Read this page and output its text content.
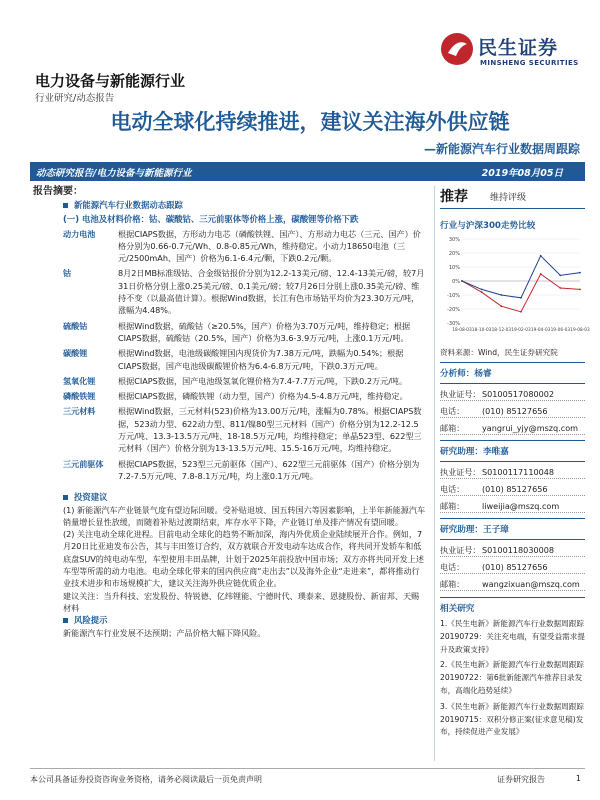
电力设备与新能源行业
行业研究/动态报告
民生证券
MINSHENG SECURITIES
电动全球化持续推进，建议关注海外供应链
—新能源汽车行业数据周跟踪
动态研究报告/电力设备与新能源行业	2019年08月05日
报告摘要：
新能源汽车行业数据动态跟踪
(一) 电池及材料价格：钴、碳酸钴、三元前驱体等价格上涨，碳酸锂等价格下跌
动力电池	根据CIAPS数据，方形动力电芯（磷酸铁锂、国产）、方形动力电芯（三元、国产）价格分别为0.66-0.7元/Wh、0.8-0.85元/Wh，维持稳定。小动力18650电池（三元/2500mAh、国产）价格为6.1-6.4元/颗，下跌0.2元/颗。
钴	8月2日MB标准级钴、合金级钴报价分别为12.2-13美元/磅、12.4-13美元/磅，较7月31日价格分别上涨0.25美元/磅、0.1美元/磅；较7月26日分别上涨0.35美元/磅、维持不变（以最高值计算）。根据Wind数据，长江有色市场钴平均价为23.30万元/吨，涨幅为4.48%。
硫酸钴	根据Wind数据，硫酸钴（≥20.5%，国产）价格为3.70万元/吨，维持稳定；根据CIAPS数据，硫酸钴（20.5%，国产）价格为3.6-3.9万元/吨，上涨0.1万元/吨。
碳酸锂	根据Wind数据，电池级碳酸锂国内现货价为7.38万元/吨，跌幅为0.54%；根据CIAPS数据，国产电池级碳酸锂价格为6.4-6.8万元/吨，下跌0.3万元/吨。
氢氧化锂	根据CIAPS数据，国产电池级氢氧化锂价格为7.4-7.7万元/吨，下跌0.2万元/吨。
磷酸铁锂	根据CIAPS数据，磷酸铁锂（动力型，国产）价格为4.5-4.8万元/吨，维持稳定。
三元材料	根据Wind数据，三元材料(523)价格为13.00万元/吨，涨幅为0.78%。根据CIAPS数据，523动力型、622动力型、811/镍80型三元材料（国产）价格分别为12.2-12.5万元/吨、13.3-13.5万元/吨、18-18.5万元/吨，均维持稳定；单晶523型、622型三元材料（国产）价格分别为13-13.5万元/吨、15.5-16万元/吨，均维持稳定。
三元前驱体	根据CIAPS数据，523型三元前驱体（国产）、622型三元前驱体（国产）价格分别为7.2-7.5万元/吨、7.8-8.1万元/吨，均上涨0.1万元/吨。
投资建议

(1) 新能源汽车产业链景气度有望边际回暖。受补贴退坡、国五转国六等因素影响，上半年新能源汽车销量增长显性放缓，而随着补贴过渡期结束，库存水平下降，产业链订单及排产情况有望回暖。

(2) 关注电动全球化进程。目前电动全球化的趋势不断加深，海内外优质企业陆续展开合作。例如，7月20日比亚迪发布公告，其与丰田签订合约，双方就联合开发电动车达成合作，将共同开发轿车和低底盘SUV的纯电动车型，车型使用丰田品牌，计划于2025年前投放中国市场；双方亦将共同开发上述车型等所需的动力电池。电动全球化带来的国内供应商“走出去”以及海外企业“走进来”，都将推动行业技术进步和市场规模扩大，建议关注海外供应链优质企业。

建议关注：当升科技、宏发股份、特锐德、亿纬锂能、宁德时代、璞泰来、恩捷股份、新宙邦、天赐材料

风险提示

新能源汽车行业发展不达预期；产品价格大幅下降风险。

推荐 维持评级
行业与沪深300走势比较
30%
20%
10%
0%
-10%
-20%
-30%
18-08-03 18-10-03 18-12-03 19-02-03 19-04-03 19-06-03 19-08-03
资料来源：Wind，民生证券研究院
分析师：杨睿
执业证号： S0100517080002
电话：	(010) 85127656
邮箱：	yangrui_yjy@mszq.com
研究助理：李唯嘉
执业证号： S0100117110048
电话：	(010) 85127656
邮箱：	liweijia@mszq.com
研究助理：王子璋
执业证号： S0100118030008
电话：	(010) 85127656
邮箱：	wangzixuan@mszq.com
相关研究
1.《民生电新》新能源汽车行业数据周跟踪20190729：关注充电端，有望受益需求提升及政策支持》
2.《民生电新》新能源汽车行业数据周跟踪20190722：第6批新能源汽车推荐目录发布，高端化趋势延续》
3.《民生电新》新能源汽车行业数据周跟踪20190715：双积分修正案(征求意见稿)发布，持续促进产业发展》
本公司具备证券投资咨询业务资格，请务必阅读最后一页免责声明	证券研究报告	1
